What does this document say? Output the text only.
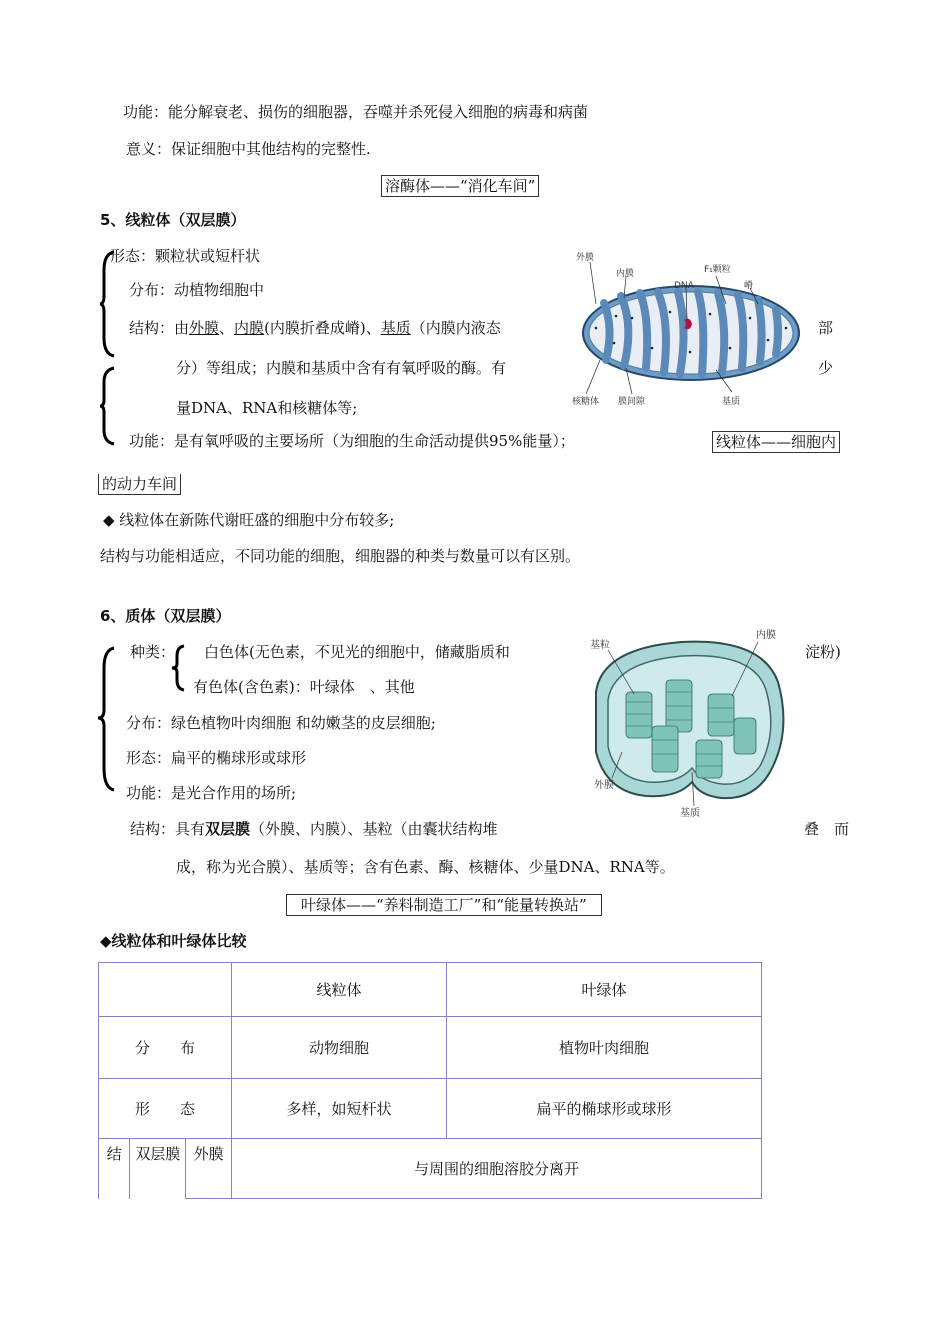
功能：能分解衰老、损伤的细胞器，吞噬并杀死侵入细胞的病毒和病菌
意义：保证细胞中其他结构的完整性.
溶酶体——“消化车间”
5、线粒体（双层膜）
形态：颗粒状或短杆状
分布：动植物细胞中
结构：由外膜、内膜(内膜折叠成嵴)、基质（内膜内液态	部
分）等组成；内膜和基质中含有有氧呼吸的酶。有	少
量DNA、RNA和核糖体等;
功能：是有氧呼吸的主要场所（为细胞的生命活动提供95%能量）；	线粒体——细胞内
的动力车间
◆ 线粒体在新陈代谢旺盛的细胞中分布较多;
结构与功能相适应，不同功能的细胞，细胞器的种类与数量可以有区别。
外膜
内膜
DNA
F₁颗粒
嵴
核糖体 膜间隙	基质
6、质体（双层膜）
种类： 白色体(无色素，不见光的细胞中，储藏脂质和	淀粉)
有色体(含色素)：叶绿体　、其他
分布：绿色植物叶肉细胞 和幼嫩茎的皮层细胞;
形态：扁平的椭球形或球形
功能：是光合作用的场所;
结构：具有双层膜（外膜、内膜）、基粒（由囊状结构堆	叠 而
成，称为光合膜）、基质等；含有色素、酶、核糖体、少量DNA、RNA等。
叶绿体——“养料制造工厂”和“能量转换站”
基粒
内膜
外膜
基质
◆线粒体和叶绿体比较
			线粒体	叶绿体
分　　布			动物细胞	植物叶肉细胞
形　　态			多样，如短杆状	扁平的椭球形或球形
结	双层膜	外膜	与周围的细胞溶胶分离开	
